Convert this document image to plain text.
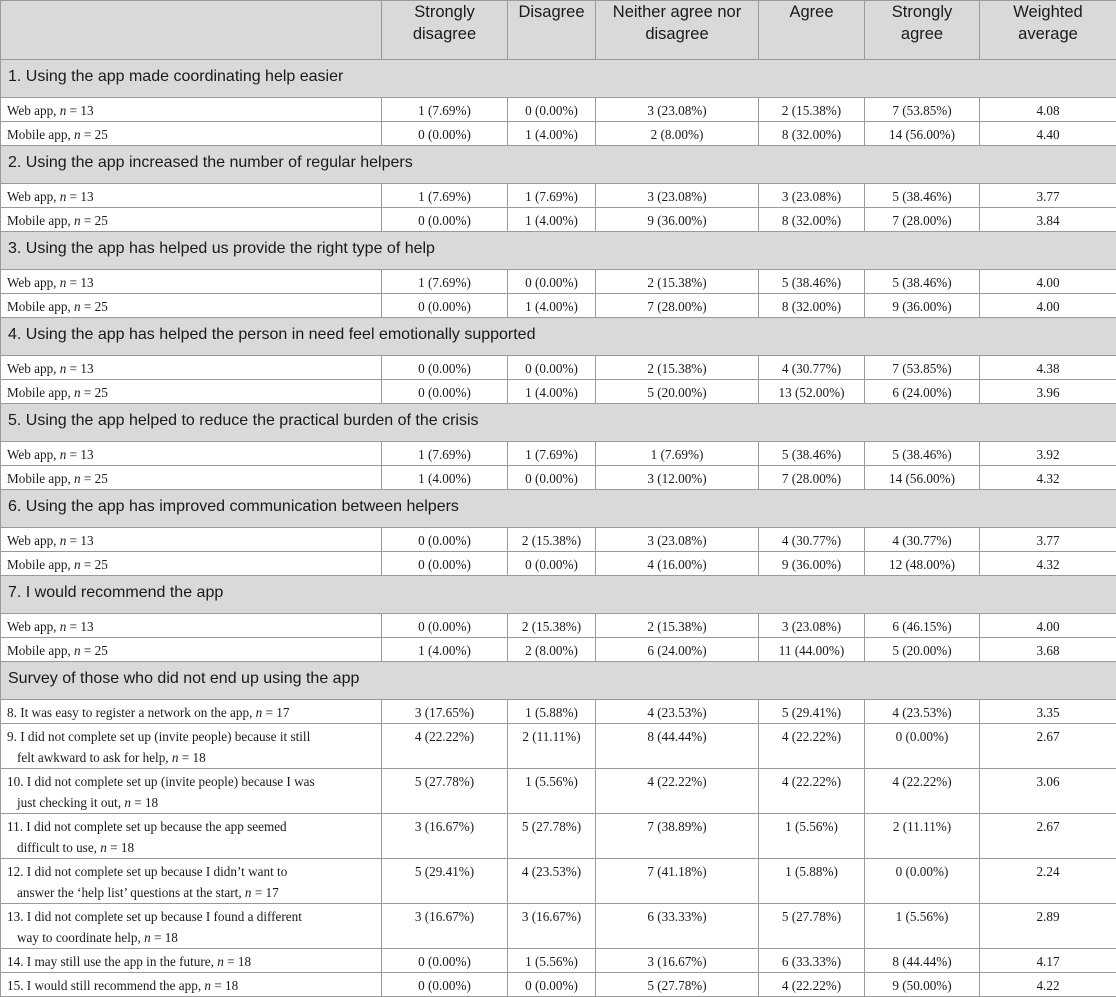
	Strongly disagree	Disagree	Neither agree nor disagree	Agree	Strongly agree	Weighted average
1. Using the app made coordinating help easier						
Web app, n = 13	1 (7.69%)	0 (0.00%)	3 (23.08%)	2 (15.38%)	7 (53.85%)	4.08
Mobile app, n = 25	0 (0.00%)	1 (4.00%)	2 (8.00%)	8 (32.00%)	14 (56.00%)	4.40
2. Using the app increased the number of regular helpers						
Web app, n = 13	1 (7.69%)	1 (7.69%)	3 (23.08%)	3 (23.08%)	5 (38.46%)	3.77
Mobile app, n = 25	0 (0.00%)	1 (4.00%)	9 (36.00%)	8 (32.00%)	7 (28.00%)	3.84
3. Using the app has helped us provide the right type of help						
Web app, n = 13	1 (7.69%)	0 (0.00%)	2 (15.38%)	5 (38.46%)	5 (38.46%)	4.00
Mobile app, n = 25	0 (0.00%)	1 (4.00%)	7 (28.00%)	8 (32.00%)	9 (36.00%)	4.00
4. Using the app has helped the person in need feel emotionally supported						
Web app, n = 13	0 (0.00%)	0 (0.00%)	2 (15.38%)	4 (30.77%)	7 (53.85%)	4.38
Mobile app, n = 25	0 (0.00%)	1 (4.00%)	5 (20.00%)	13 (52.00%)	6 (24.00%)	3.96
5. Using the app helped to reduce the practical burden of the crisis						
Web app, n = 13	1 (7.69%)	1 (7.69%)	1 (7.69%)	5 (38.46%)	5 (38.46%)	3.92
Mobile app, n = 25	1 (4.00%)	0 (0.00%)	3 (12.00%)	7 (28.00%)	14 (56.00%)	4.32
6. Using the app has improved communication between helpers						
Web app, n = 13	0 (0.00%)	2 (15.38%)	3 (23.08%)	4 (30.77%)	4 (30.77%)	3.77
Mobile app, n = 25	0 (0.00%)	0 (0.00%)	4 (16.00%)	9 (36.00%)	12 (48.00%)	4.32
7. I would recommend the app						
Web app, n = 13	0 (0.00%)	2 (15.38%)	2 (15.38%)	3 (23.08%)	6 (46.15%)	4.00
Mobile app, n = 25	1 (4.00%)	2 (8.00%)	6 (24.00%)	11 (44.00%)	5 (20.00%)	3.68
Survey of those who did not end up using the app						
8. It was easy to register a network on the app, n = 17	3 (17.65%)	1 (5.88%)	4 (23.53%)	5 (29.41%)	4 (23.53%)	3.35
9. I did not complete set up (invite people) because it still
felt awkward to ask for help, n = 18	4 (22.22%)	2 (11.11%)	8 (44.44%)	4 (22.22%)	0 (0.00%)	2.67
10. I did not complete set up (invite people) because I was
just checking it out, n = 18	5 (27.78%)	1 (5.56%)	4 (22.22%)	4 (22.22%)	4 (22.22%)	3.06
11. I did not complete set up because the app seemed
difficult to use, n = 18	3 (16.67%)	5 (27.78%)	7 (38.89%)	1 (5.56%)	2 (11.11%)	2.67
12. I did not complete set up because I didn’t want to
answer the ‘help list’ questions at the start, n = 17	5 (29.41%)	4 (23.53%)	7 (41.18%)	1 (5.88%)	0 (0.00%)	2.24
13. I did not complete set up because I found a different
way to coordinate help, n = 18	3 (16.67%)	3 (16.67%)	6 (33.33%)	5 (27.78%)	1 (5.56%)	2.89
14. I may still use the app in the future, n = 18	0 (0.00%)	1 (5.56%)	3 (16.67%)	6 (33.33%)	8 (44.44%)	4.17
15. I would still recommend the app, n = 18	0 (0.00%)	0 (0.00%)	5 (27.78%)	4 (22.22%)	9 (50.00%)	4.22
